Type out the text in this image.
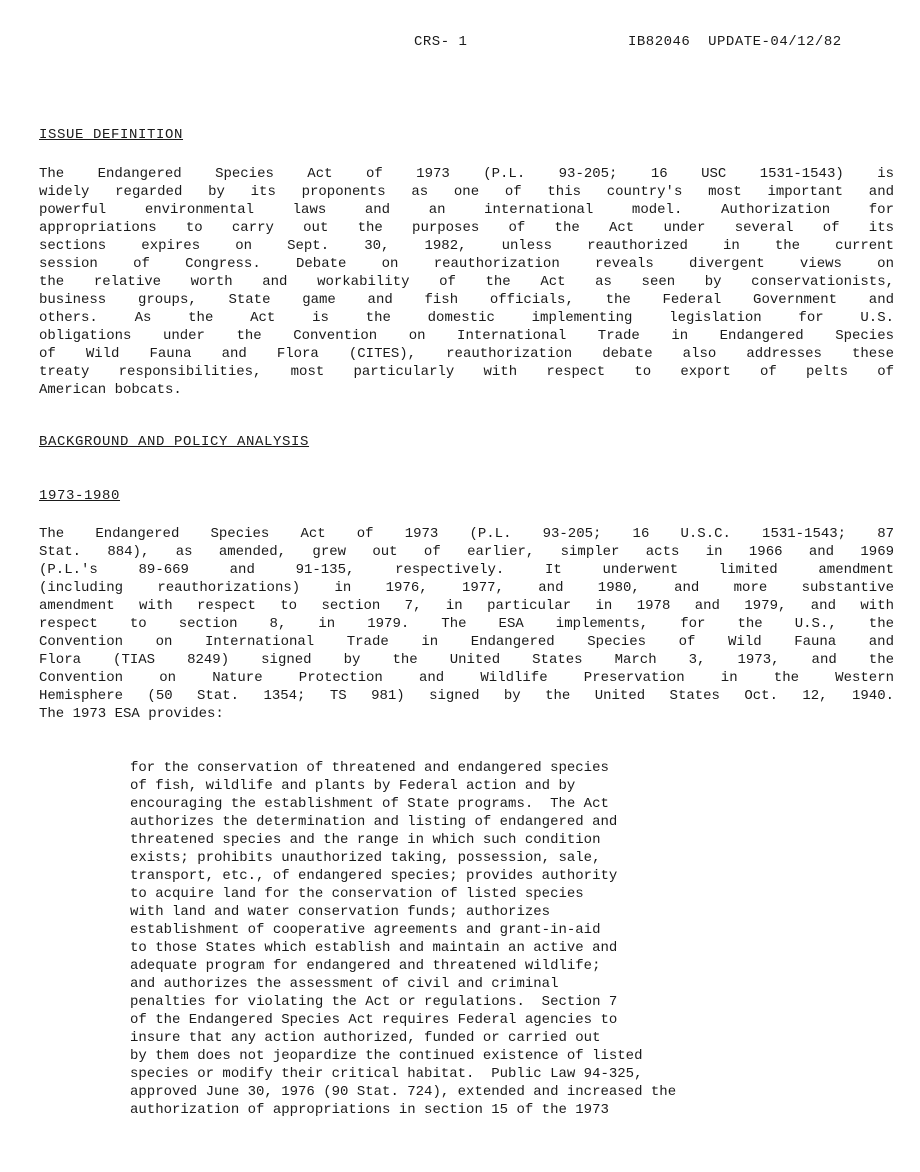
CRS- 1	IB82046  UPDATE-04/12/82
ISSUE DEFINITION
The Endangered Species Act of 1973 (P.L. 93-205; 16 USC 1531-1543) is
widely regarded by its proponents as one of this country's most important and
powerful environmental laws and an international model. Authorization for
appropriations to carry out the purposes of the Act under several of its
sections expires on Sept. 30, 1982, unless reauthorized in the current
session of Congress. Debate on reauthorization reveals divergent views on
the relative worth and workability of the Act as seen by conservationists,
business groups, State game and fish officials, the Federal Government and
others. As the Act is the domestic implementing legislation for U.S.
obligations under the Convention on International Trade in Endangered Species
of Wild Fauna and Flora (CITES), reauthorization debate also addresses these
treaty responsibilities, most particularly with respect to export of pelts of
American bobcats.
BACKGROUND AND POLICY ANALYSIS
1973-1980
The Endangered Species Act of 1973 (P.L. 93-205; 16 U.S.C. 1531-1543; 87
Stat. 884), as amended, grew out of earlier, simpler acts in 1966 and 1969
(P.L.'s 89-669 and 91-135, respectively. It underwent limited amendment
(including reauthorizations) in 1976, 1977, and 1980, and more substantive
amendment with respect to section 7, in particular in 1978 and 1979, and with
respect to section 8, in 1979. The ESA implements, for the U.S., the
Convention on International Trade in Endangered Species of Wild Fauna and
Flora (TIAS 8249) signed by the United States March 3, 1973, and the
Convention on Nature Protection and Wildlife Preservation in the Western
Hemisphere (50 Stat. 1354; TS 981) signed by the United States Oct. 12, 1940.
The 1973 ESA provides:
for the conservation of threatened and endangered species
of fish, wildlife and plants by Federal action and by
encouraging the establishment of State programs.  The Act
authorizes the determination and listing of endangered and
threatened species and the range in which such condition
exists; prohibits unauthorized taking, possession, sale,
transport, etc., of endangered species; provides authority
to acquire land for the conservation of listed species
with land and water conservation funds; authorizes
establishment of cooperative agreements and grant-in-aid
to those States which establish and maintain an active and
adequate program for endangered and threatened wildlife;
and authorizes the assessment of civil and criminal
penalties for violating the Act or regulations.  Section 7
of the Endangered Species Act requires Federal agencies to
insure that any action authorized, funded or carried out
by them does not jeopardize the continued existence of listed
species or modify their critical habitat.  Public Law 94-325,
approved June 30, 1976 (90 Stat. 724), extended and increased the
authorization of appropriations in section 15 of the 1973
